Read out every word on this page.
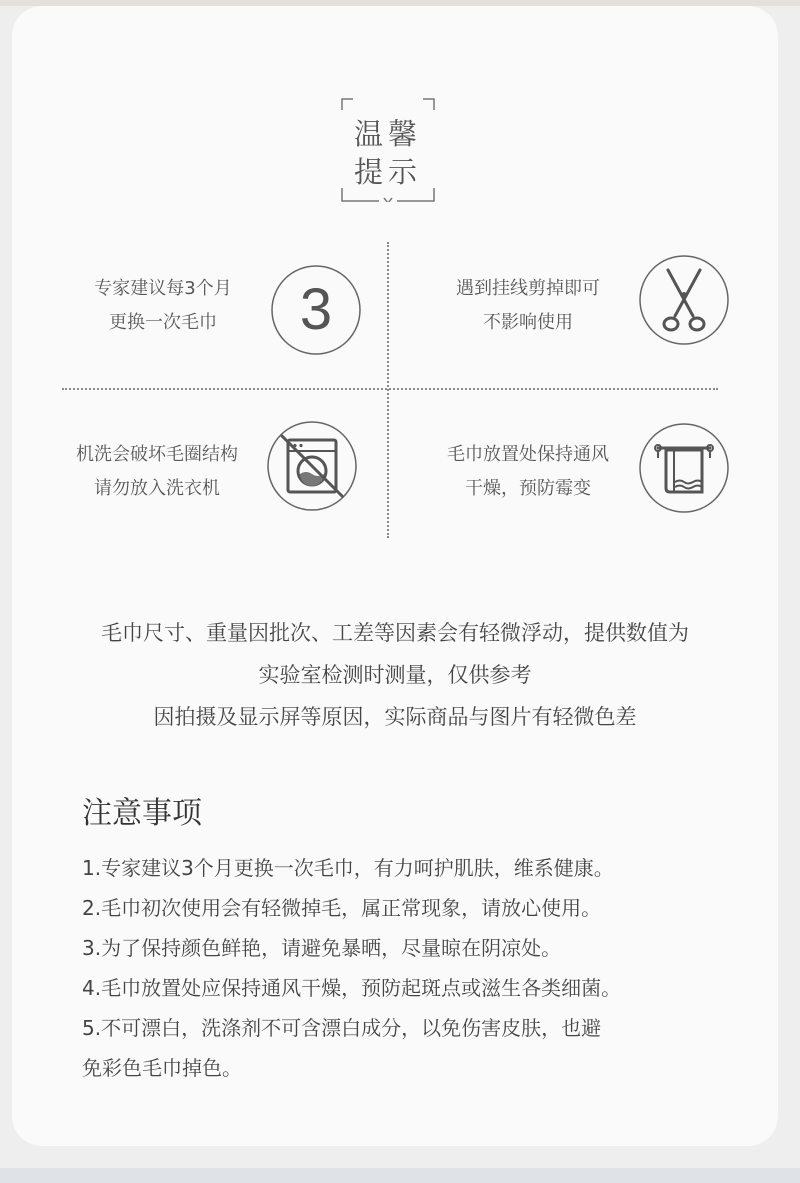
温馨
提示
专家建议每3个月
更换一次毛巾	3	遇到挂线剪掉即可
不影响使用
机洗会破坏毛圈结构
请勿放入洗衣机
毛巾放置处保持通风
干燥，预防霉变
毛巾尺寸、重量因批次、工差等因素会有轻微浮动，提供数值为
实验室检测时测量，仅供参考
因拍摄及显示屏等原因，实际商品与图片有轻微色差
注意事项
1.专家建议3个月更换一次毛巾，有力呵护肌肤，维系健康。
2.毛巾初次使用会有轻微掉毛，属正常现象，请放心使用。
3.为了保持颜色鲜艳，请避免暴晒，尽量晾在阴凉处。
4.毛巾放置处应保持通风干燥，预防起斑点或滋生各类细菌。
5.不可漂白，洗涤剂不可含漂白成分，以免伤害皮肤，也避
免彩色毛巾掉色。
